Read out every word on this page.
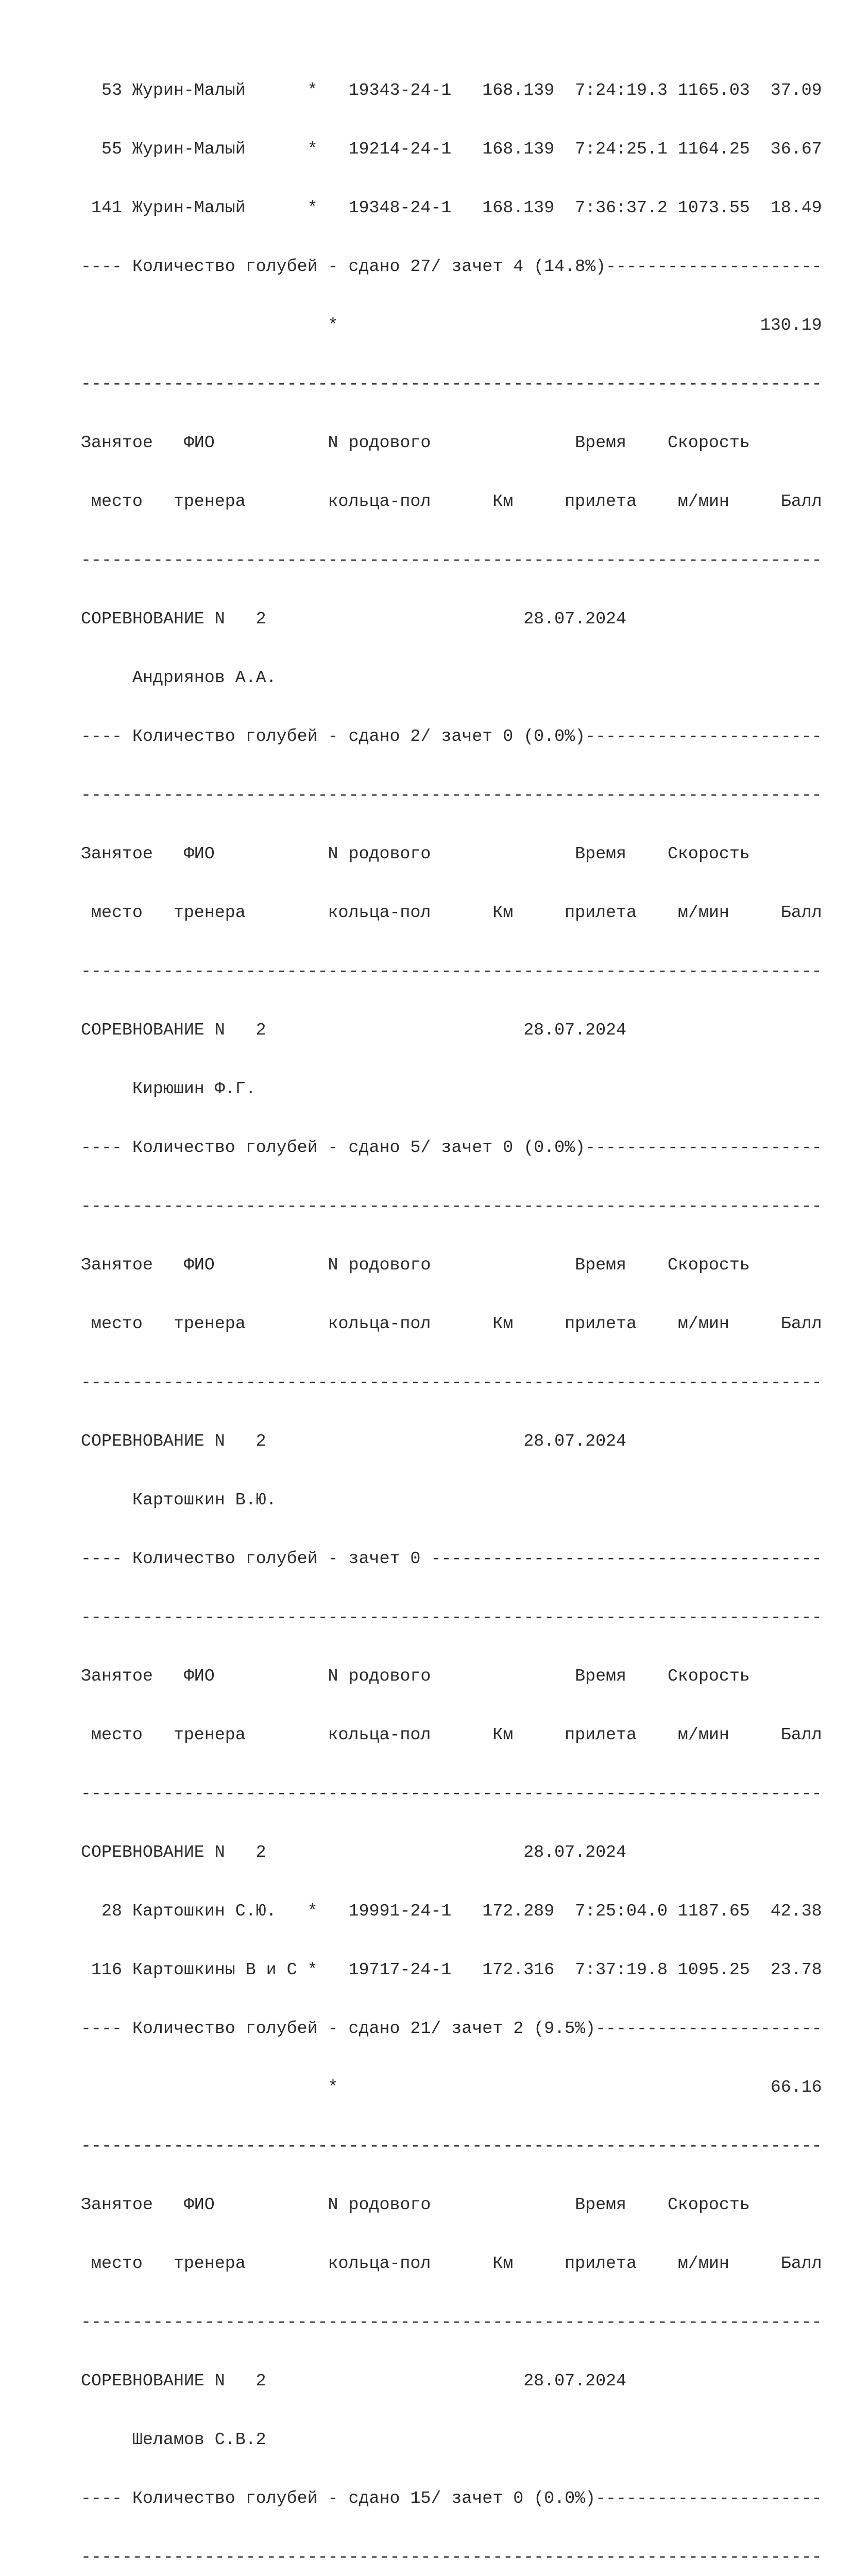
53 Журин-Малый      *   19343-24-1   168.139  7:24:19.3 1165.03  37.09

55 Журин-Малый      *   19214-24-1   168.139  7:24:25.1 1164.25  36.67

141 Журин-Малый      *   19348-24-1   168.139  7:36:37.2 1073.55  18.49

---- Количество голубей - сдано 27/ зачет 4 (14.8%)---------------------

*                                         130.19

------------------------------------------------------------------------

Занятое   ФИО           N родового              Время    Скорость

место   тренера        кольца-пол      Км     прилета    м/мин     Балл

------------------------------------------------------------------------

СОРЕВНОВАНИЕ N   2                         28.07.2024

Андриянов А.А.

---- Количество голубей - сдано 2/ зачет 0 (0.0%)-----------------------

------------------------------------------------------------------------

Занятое   ФИО           N родового              Время    Скорость

место   тренера        кольца-пол      Км     прилета    м/мин     Балл

------------------------------------------------------------------------

СОРЕВНОВАНИЕ N   2                         28.07.2024

Кирюшин Ф.Г.

---- Количество голубей - сдано 5/ зачет 0 (0.0%)-----------------------

------------------------------------------------------------------------

Занятое   ФИО           N родового              Время    Скорость

место   тренера        кольца-пол      Км     прилета    м/мин     Балл

------------------------------------------------------------------------

СОРЕВНОВАНИЕ N   2                         28.07.2024

Картошкин В.Ю.

---- Количество голубей - зачет 0 --------------------------------------

------------------------------------------------------------------------

Занятое   ФИО           N родового              Время    Скорость

место   тренера        кольца-пол      Км     прилета    м/мин     Балл

------------------------------------------------------------------------

СОРЕВНОВАНИЕ N   2                         28.07.2024

28 Картошкин С.Ю.   *   19991-24-1   172.289  7:25:04.0 1187.65  42.38

116 Картошкины В и С *   19717-24-1   172.316  7:37:19.8 1095.25  23.78

---- Количество голубей - сдано 21/ зачет 2 (9.5%)----------------------

*                                          66.16

------------------------------------------------------------------------

Занятое   ФИО           N родового              Время    Скорость

место   тренера        кольца-пол      Км     прилета    м/мин     Балл

------------------------------------------------------------------------

СОРЕВНОВАНИЕ N   2                         28.07.2024

Шеламов С.В.2

---- Количество голубей - сдано 15/ зачет 0 (0.0%)----------------------

------------------------------------------------------------------------
